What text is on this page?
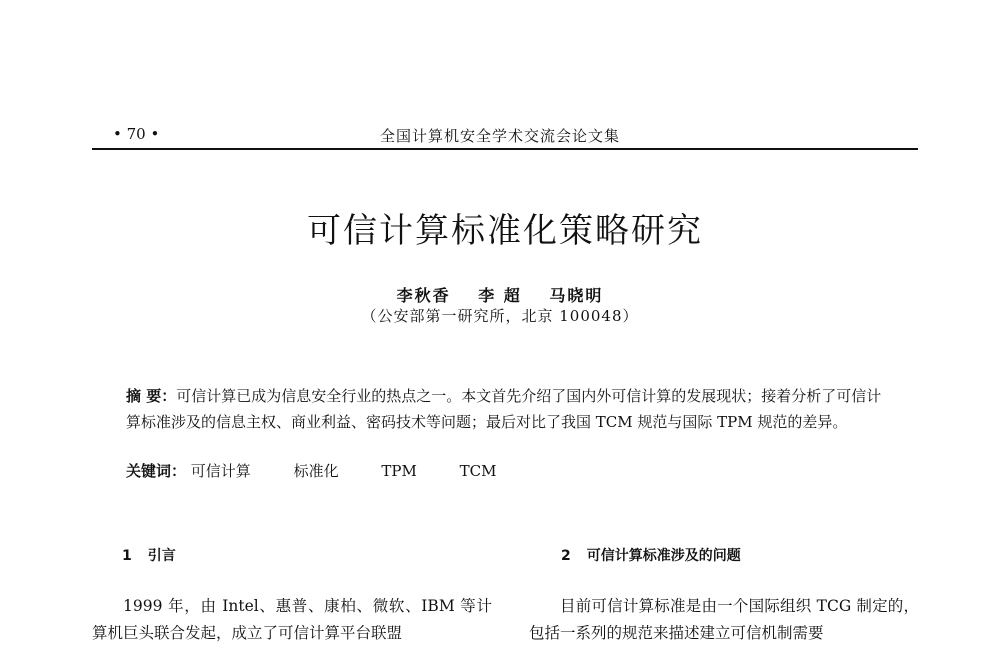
• 70 •	全国计算机安全学术交流会论文集
可信计算标准化策略研究
李秋香 李 超 马晓明
（公安部第一研究所，北京 100048）
摘 要：可信计算已成为信息安全行业的热点之一。本文首先介绍了国内外可信计算的发展现状；接着分析了可信计算标准涉及的信息主权、商业利益、密码技术等问题；最后对比了我国 TCM 规范与国际 TPM 规范的差异。
关键词： 可信计算	标准化	TPM	TCM
1 引言
1999 年，由 Intel、惠普、康柏、微软、IBM 等计算机巨头联合发起，成立了可信计算平台联盟
2 可信计算标准涉及的问题
目前可信计算标准是由一个国际组织 TCG 制定的，包括一系列的规范来描述建立可信机制需要
